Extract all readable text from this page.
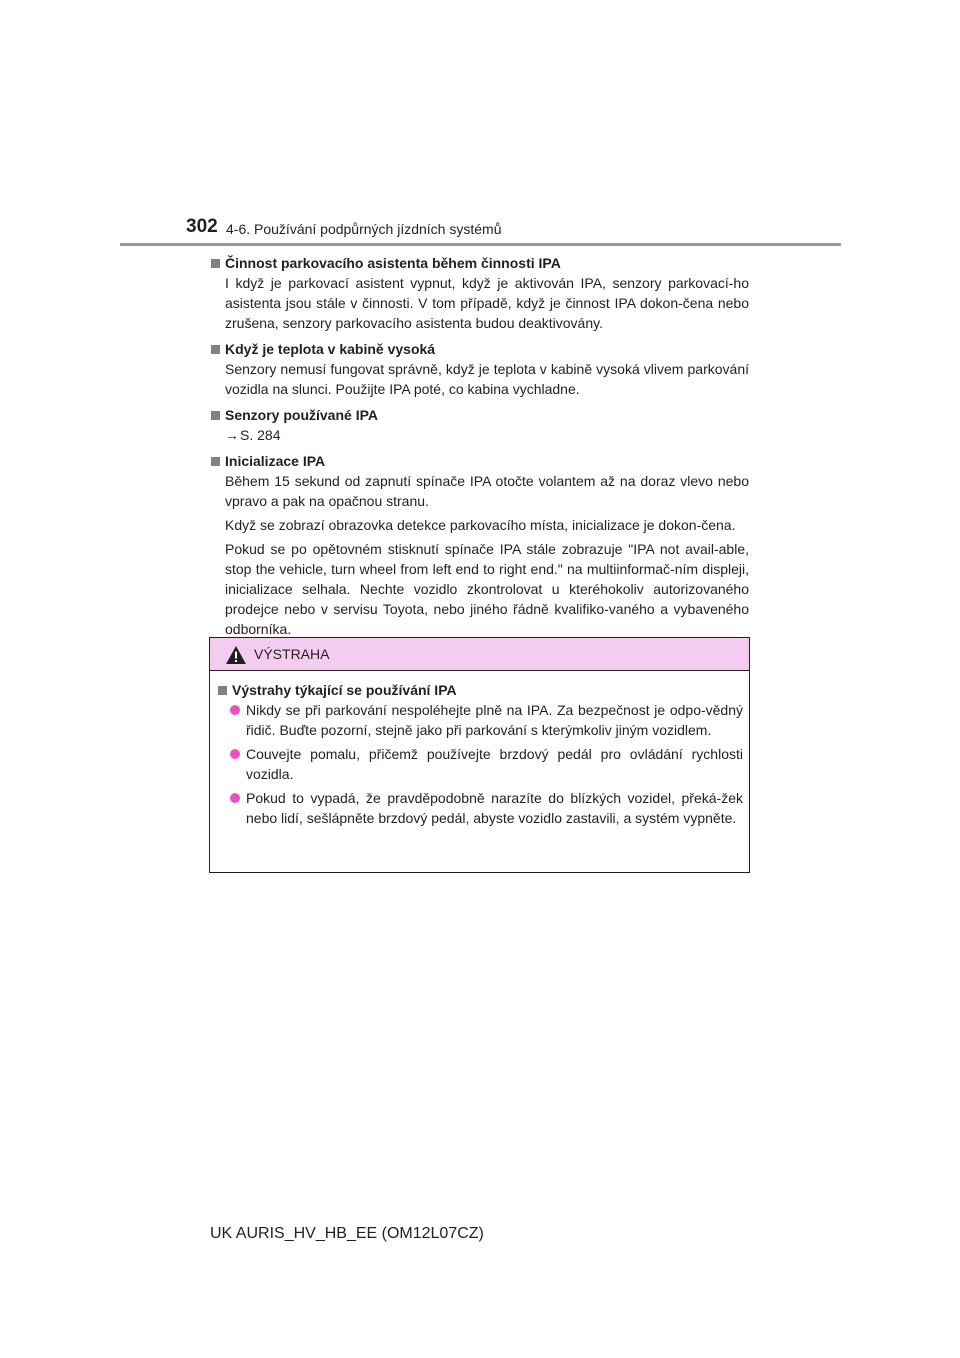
302 4-6. Používání podpůrných jízdních systémů
Činnost parkovacího asistenta během činnosti IPA

I když je parkovací asistent vypnut, když je aktivován IPA, senzory parkovací-ho asistenta jsou stále v činnosti. V tom případě, když je činnost IPA dokon-čena nebo zrušena, senzory parkovacího asistenta budou deaktivovány.

Když je teplota v kabině vysoká

Senzory nemusí fungovat správně, když je teplota v kabině vysoká vlivem parkování vozidla na slunci. Použijte IPA poté, co kabina vychladne.

Senzory používané IPA

→S. 284

Inicializace IPA

Během 15 sekund od zapnutí spínače IPA otočte volantem až na doraz vlevo nebo vpravo a pak na opačnou stranu.

Když se zobrazí obrazovka detekce parkovacího místa, inicializace je dokon-čena.

Pokud se po opětovném stisknutí spínače IPA stále zobrazuje "IPA not avail-able, stop the vehicle, turn wheel from left end to right end." na multiinformač-ním displeji, inicializace selhala. Nechte vozidlo zkontrolovat u kteréhokoliv autorizovaného prodejce nebo v servisu Toyota, nebo jiného řádně kvalifiko-vaného a vybaveného odborníka.

VÝSTRAHA
Výstrahy týkající se používání IPA
Nikdy se při parkování nespoléhejte plně na IPA. Za bezpečnost je odpo-vědný řidič. Buďte pozorní, stejně jako při parkování s kterýmkoliv jiným vozidlem.
Couvejte pomalu, přičemž používejte brzdový pedál pro ovládání rychlosti vozidla.
Pokud to vypadá, že pravděpodobně narazíte do blízkých vozidel, překá-žek nebo lidí, sešlápněte brzdový pedál, abyste vozidlo zastavili, a systém vypněte.
UK AURIS_HV_HB_EE (OM12L07CZ)
